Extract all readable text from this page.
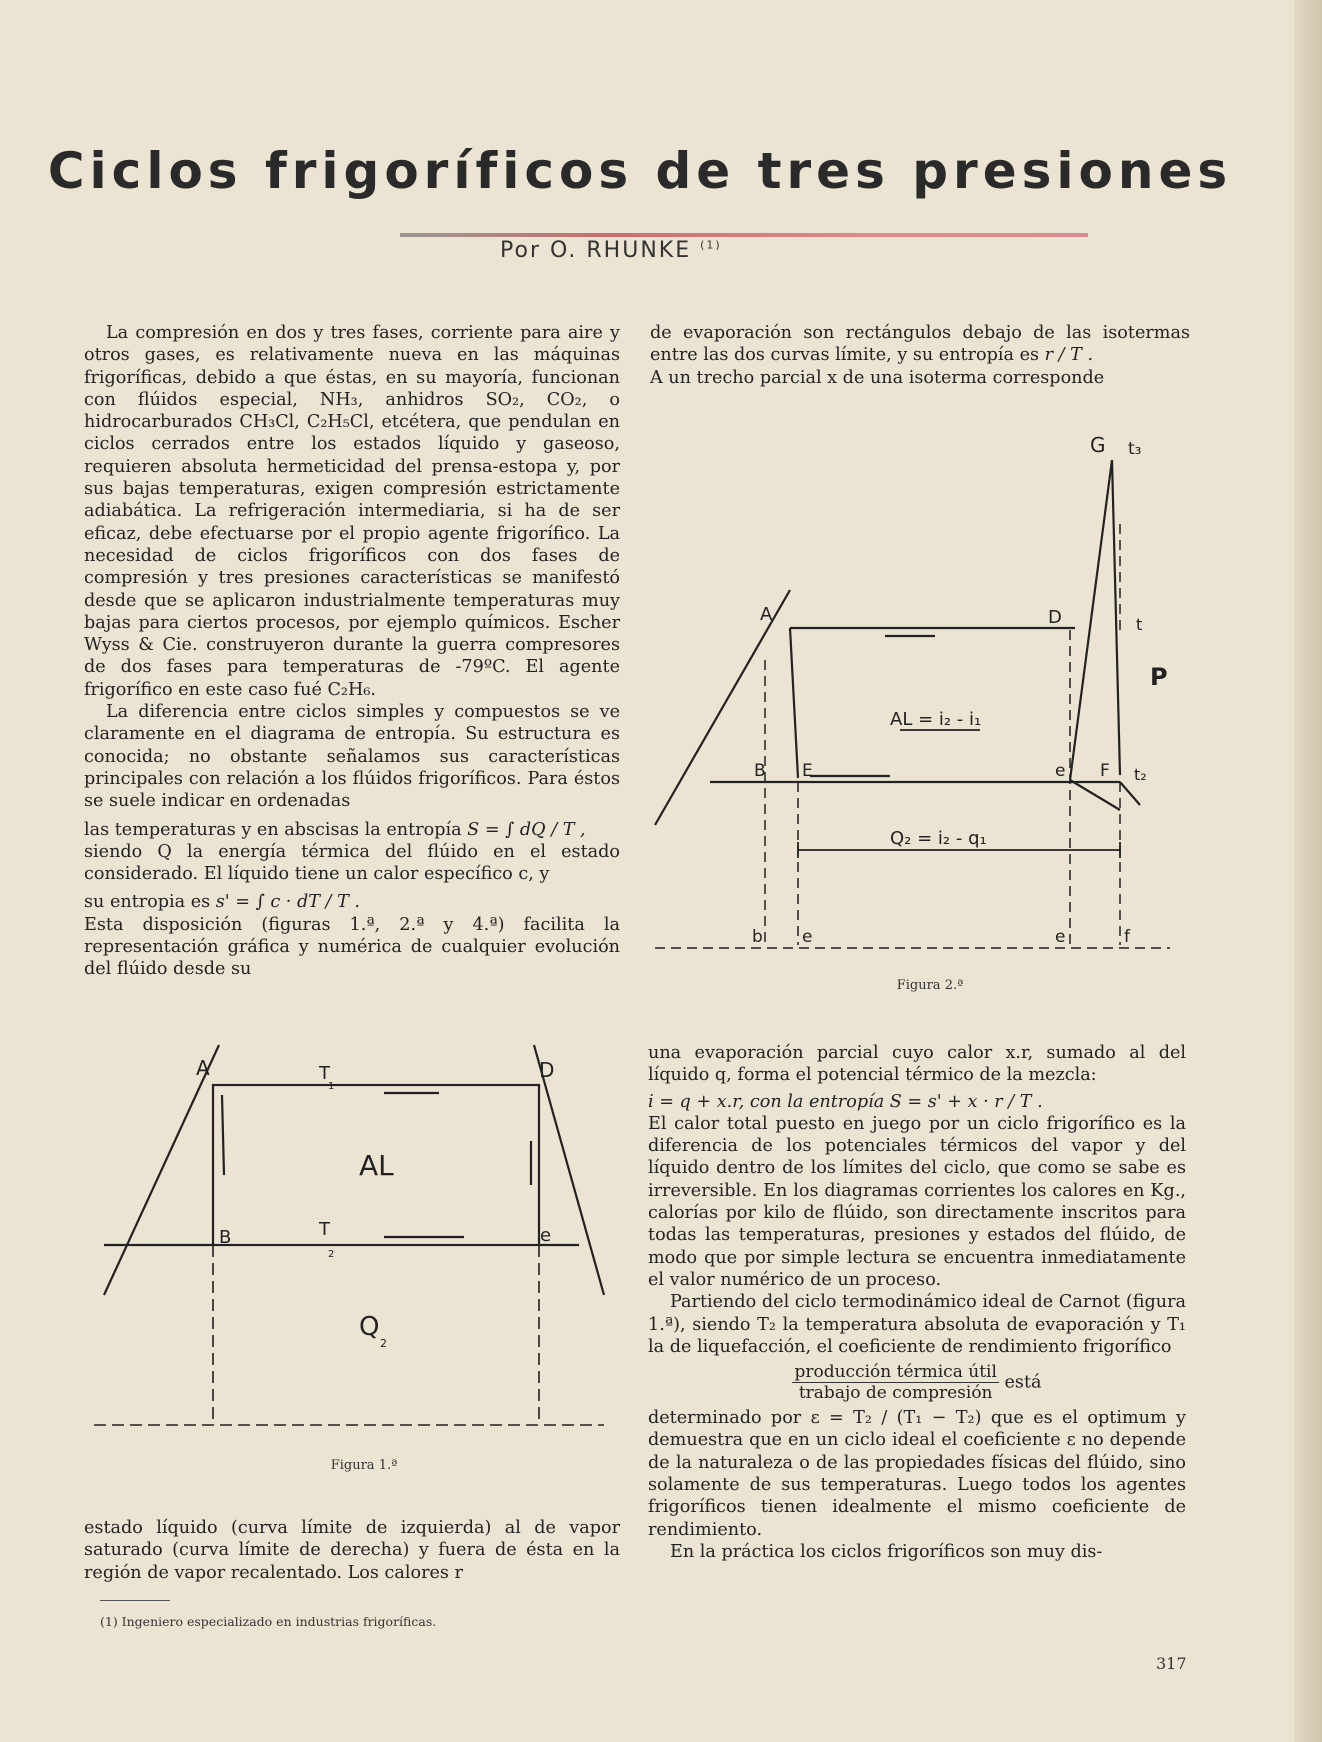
Ciclos frigoríficos de tres presiones
Por O. RHUNKE $^{(1)}$

La compresión en dos y tres fases, corriente para aire y otros gases, es relativamente nueva en las máquinas frigoríficas, debido a que éstas, en su mayoría, funcionan con flúidos especial, NH₃, anhidros SO₂, CO₂, o hidrocarburados CH₃Cl, C₂H₅Cl, etcétera, que pendulan en ciclos cerrados entre los estados líquido y gaseoso, requieren absoluta hermeticidad del prensa-estopa y, por sus bajas temperaturas, exigen compresión estrictamente adiabática. La refrigeración intermediaria, si ha de ser eficaz, debe efectuarse por el propio agente frigorífico. La necesidad de ciclos frigoríficos con dos fases de compresión y tres presiones características se manifestó desde que se aplicaron industrialmente temperaturas muy bajas para ciertos procesos, por ejemplo químicos. Escher Wyss & Cie. construyeron durante la guerra compresores de dos fases para temperaturas de -79ºC. El agente frigorífico en este caso fué C₂H₆.

La diferencia entre ciclos simples y compuestos se ve claramente en el diagrama de entropía. Su estructura es conocida; no obstante señalamos sus características principales con relación a los flúidos frigoríficos. Para éstos se suele indicar en ordenadas

las temperaturas y en abscisas la entropía S = ∫ dQ / T ,

siendo Q la energía térmica del flúido en el estado considerado. El líquido tiene un calor específico c, y

su entropia es s' = ∫ c · dT / T .

Esta disposición (figuras 1.ª, 2.ª y 4.ª) facilita la representación gráfica y numérica de cualquier evolución del flúido desde su

A	D
B	e
T
1
T
2
AL
Q
2
Figura 1.ª
estado líquido (curva límite de izquierda) al de vapor saturado (curva límite de derecha) y fuera de ésta en la región de vapor recalentado. Los calores r
(1) Ingeniero especializado en industrias frigoríficas.

de evaporación son rectángulos debajo de las isotermas entre las dos curvas límite, y su entropía es r / T .

A un trecho parcial x de una isoterma corresponde

G t₃
A	D	t
P
AL = i₂ - i₁
B E	e F t₂
Q₂ = i₂ - q₁
b e	e	f
Figura 2.ª

una evaporación parcial cuyo calor x.r, sumado al del líquido q, forma el potencial térmico de la mezcla:

i = q + x.r, con la entropía S = s' + x · r / T .

El calor total puesto en juego por un ciclo frigorífico es la diferencia de los potenciales térmicos del vapor y del líquido dentro de los límites del ciclo, que como se sabe es irreversible. En los diagramas corrientes los calores en Kg., calorías por kilo de flúido, son directamente inscritos para todas las temperaturas, presiones y estados del flúido, de modo que por simple lectura se encuentra inmediatamente el valor numérico de un proceso.

Partiendo del ciclo termodinámico ideal de Carnot (figura 1.ª), siendo T₂ la temperatura absoluta de evaporación y T₁ la de liquefacción, el coeficiente de rendimiento frigorífico

$\frac{\text{producción térmica útil}}{\text{trabajo de compresión}}$ está

determinado por ε = T₂ / (T₁ − T₂) que es el optimum y demuestra que en un ciclo ideal el coeficiente ε no depende de la naturaleza o de las propiedades físicas del flúido, sino solamente de sus temperaturas. Luego todos los agentes frigoríficos tienen idealmente el mismo coeficiente de rendimiento.

En la práctica los ciclos frigoríficos son muy dis-

317
